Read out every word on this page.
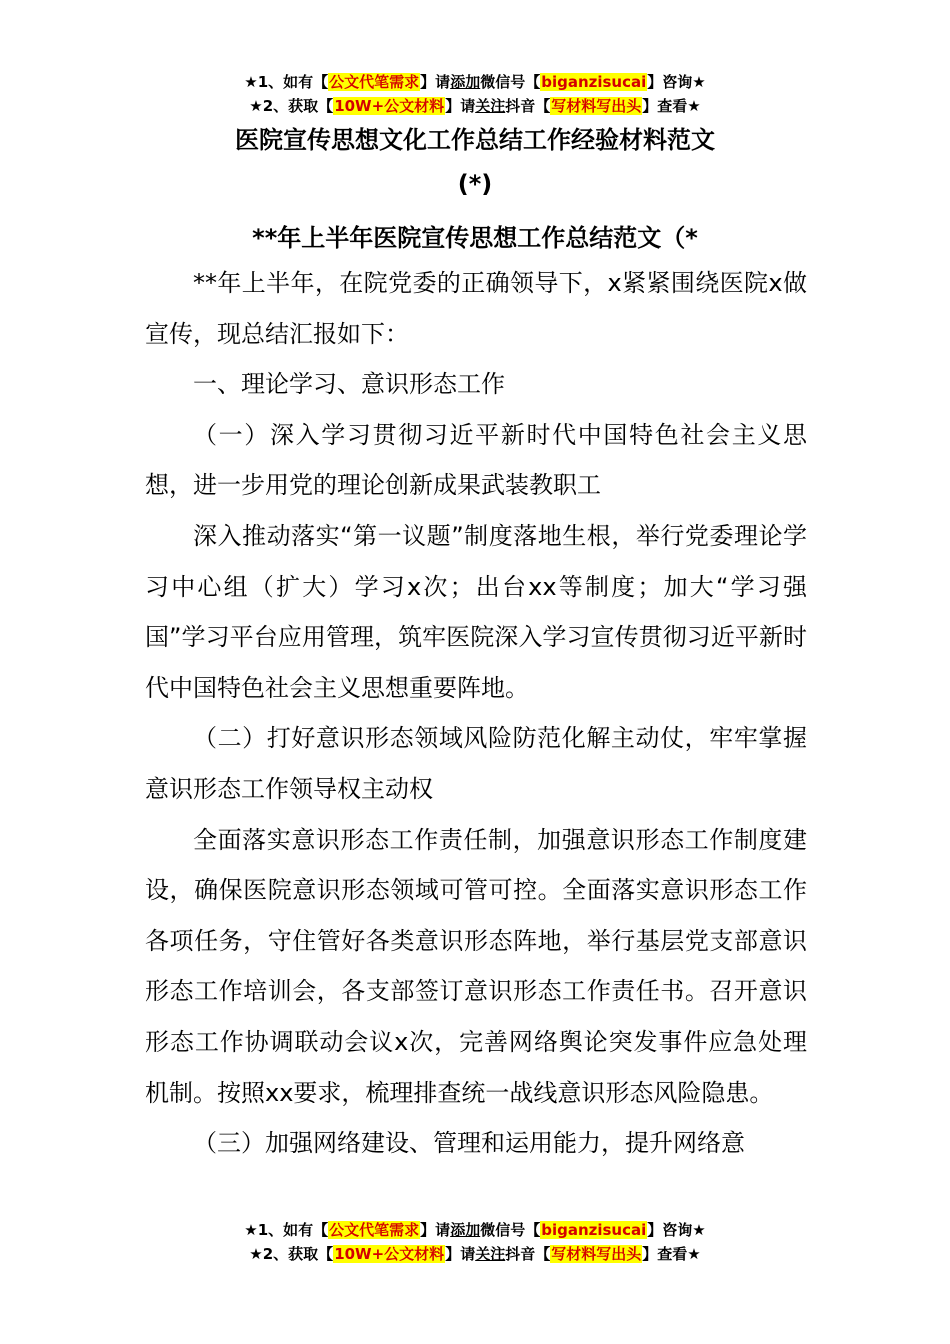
★1、如有【公文代笔需求】请添加微信号【biganzisucai】咨询★
★2、获取【10W+公文材料】请关注抖音【写材料写出头】查看★
医院宣传思想文化工作总结工作经验材料范文
(*)
**年上半年医院宣传思想工作总结范文（*

**年上半年，在院党委的正确领导下，x紧紧围绕医院x做宣传，现总结汇报如下：

一、理论学习、意识形态工作

（一）深入学习贯彻习近平新时代中国特色社会主义思想，进一步用党的理论创新成果武装教职工

深入推动落实“第一议题”制度落地生根，举行党委理论学习中心组（扩大）学习x次；出台xx等制度；加大“学习强国”学习平台应用管理，筑牢医院深入学习宣传贯彻习近平新时代中国特色社会主义思想重要阵地。

（二）打好意识形态领域风险防范化解主动仗，牢牢掌握意识形态工作领导权主动权

全面落实意识形态工作责任制，加强意识形态工作制度建设，确保医院意识形态领域可管可控。全面落实意识形态工作各项任务，守住管好各类意识形态阵地，举行基层党支部意识形态工作培训会，各支部签订意识形态工作责任书。召开意识形态工作协调联动会议x次，完善网络舆论突发事件应急处理机制。按照xx要求，梳理排查统一战线意识形态风险隐患。

（三）加强网络建设、管理和运用能力，提升网络意

★1、如有【公文代笔需求】请添加微信号【biganzisucai】咨询★
★2、获取【10W+公文材料】请关注抖音【写材料写出头】查看★
